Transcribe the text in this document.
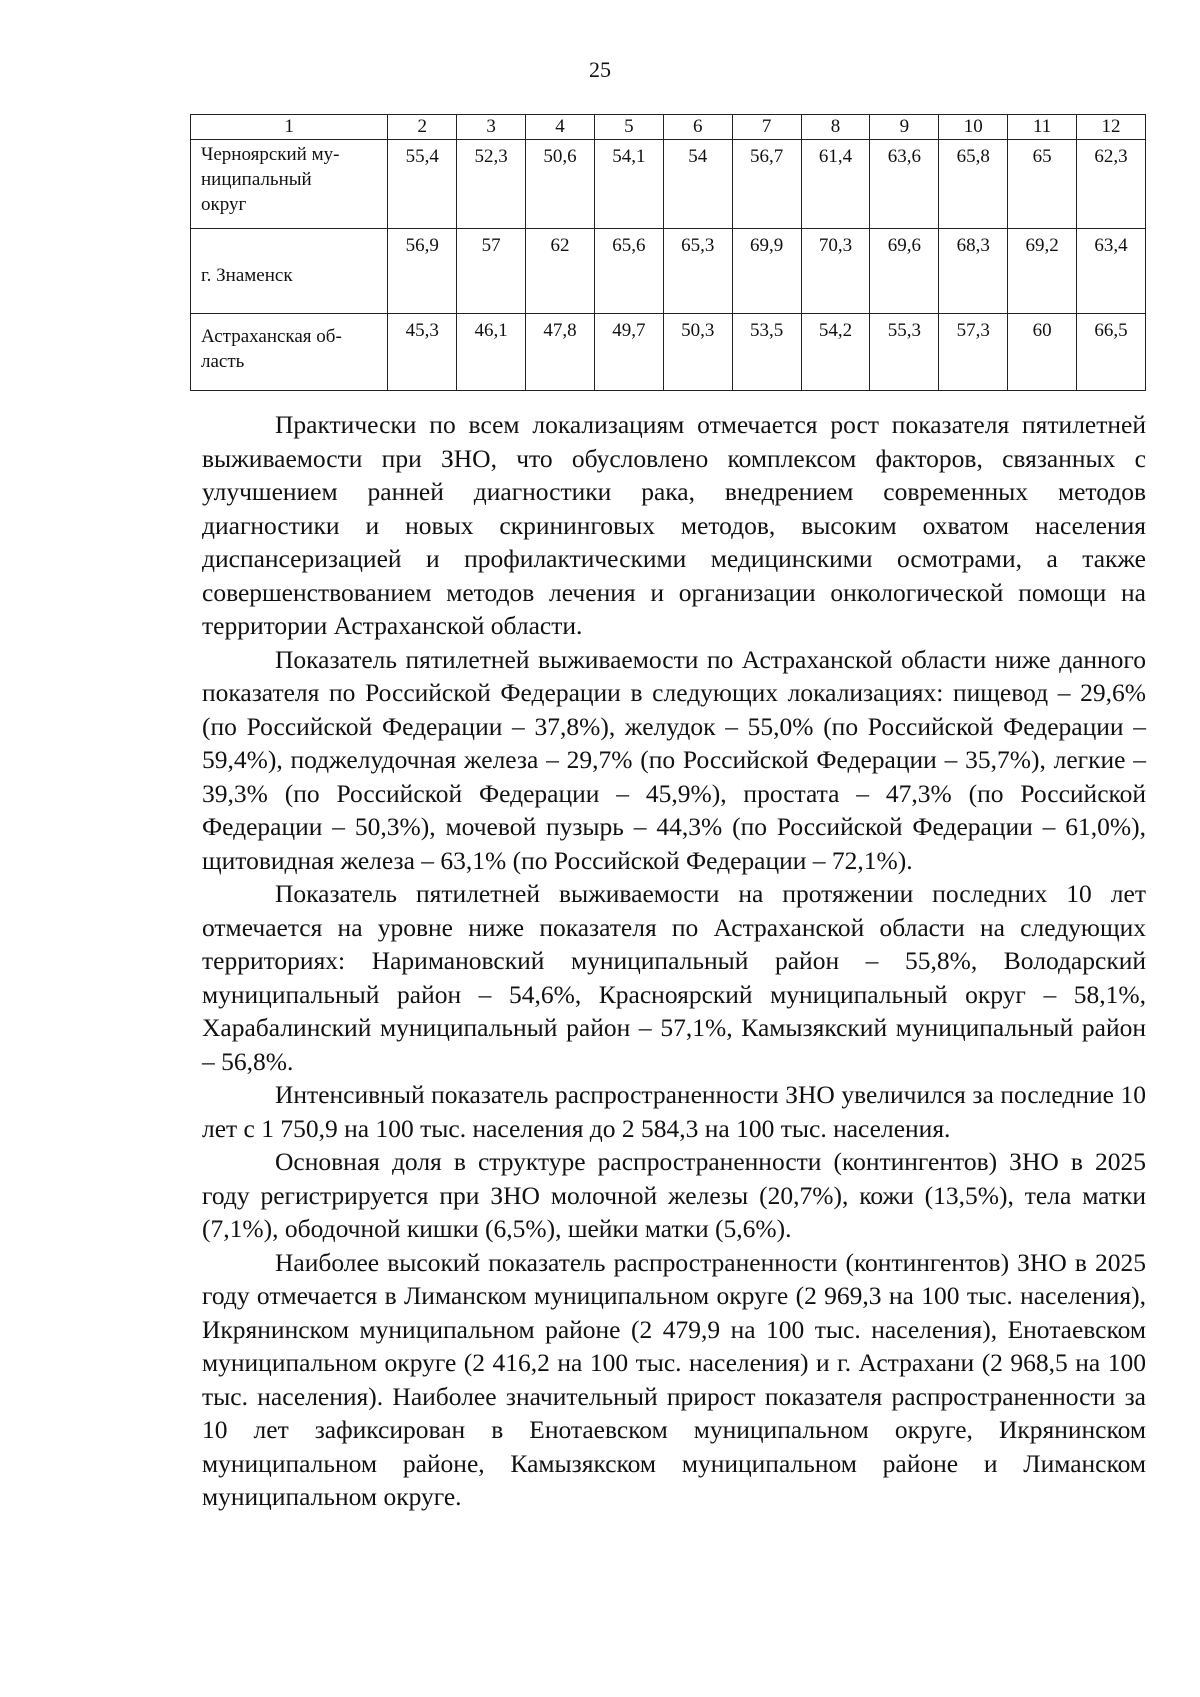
25
1	2	3	4	5	6	7	8	9	10	11	12
Черноярский му-
ниципальный
округ	55,4	52,3	50,6	54,1	54	56,7	61,4	63,6	65,8	65	62,3
г. Знаменск	56,9	57	62	65,6	65,3	69,9	70,3	69,6	68,3	69,2	63,4
Астраханская об-
ласть	45,3	46,1	47,8	49,7	50,3	53,5	54,2	55,3	57,3	60	66,5

Практически по всем локализациям отмечается рост показателя пятилетней выживаемости при ЗНО, что обусловлено комплексом факторов, связанных с улучшением ранней диагностики рака, внедрением современных методов диагностики и новых скрининговых методов, высоким охватом населения диспансеризацией и профилактическими медицинскими осмотрами, а также совершенствованием методов лечения и организации онкологической помощи на территории Астраханской области.

Показатель пятилетней выживаемости по Астраханской области ниже данного показателя по Российской Федерации в следующих локализациях: пищевод – 29,6% (по Российской Федерации – 37,8%), желудок – 55,0% (по Российской Федерации – 59,4%), поджелудочная железа – 29,7% (по Российской Федерации – 35,7%), легкие – 39,3% (по Российской Федерации – 45,9%), простата – 47,3% (по Российской Федерации – 50,3%), мочевой пузырь – 44,3% (по Российской Федерации – 61,0%), щитовидная железа – 63,1% (по Российской Федерации – 72,1%).

Показатель пятилетней выживаемости на протяжении последних 10 лет отмечается на уровне ниже показателя по Астраханской области на следующих территориях: Наримановский муниципальный район – 55,8%, Володарский муниципальный район – 54,6%, Красноярский муниципальный округ – 58,1%, Харабалинский муниципальный район – 57,1%, Камызякский муниципальный район – 56,8%.

Интенсивный показатель распространенности ЗНО увеличился за последние 10 лет с 1 750,9 на 100 тыс. населения до 2 584,3 на 100 тыс. населения.

Основная доля в структуре распространенности (контингентов) ЗНО в 2025 году регистрируется при ЗНО молочной железы (20,7%), кожи (13,5%), тела матки (7,1%), ободочной кишки (6,5%), шейки матки (5,6%).

Наиболее высокий показатель распространенности (контингентов) ЗНО в 2025 году отмечается в Лиманском муниципальном округе (2 969,3 на 100 тыс. населения), Икрянинском муниципальном районе (2 479,9 на 100 тыс. населения), Енотаевском муниципальном округе (2 416,2 на 100 тыс. населения) и г. Астрахани (2 968,5 на 100 тыс. населения). Наиболее значительный прирост показателя распространенности за 10 лет зафиксирован в Енотаевском муниципальном округе, Икрянинском муниципальном районе, Камызякском муниципальном районе и Лиманском муниципальном округе.
